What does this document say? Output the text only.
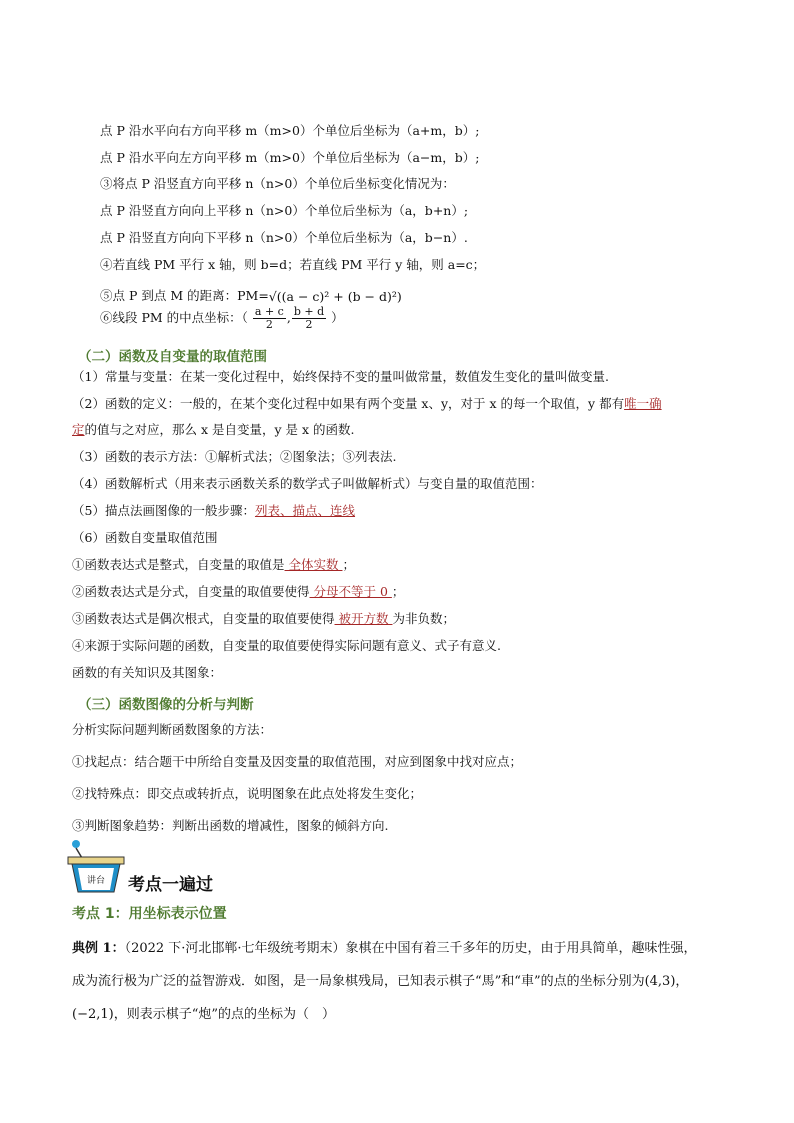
点 P 沿水平向右方向平移 m（m>0）个单位后坐标为（a+m，b）;
点 P 沿水平向左方向平移 m（m>0）个单位后坐标为（a−m，b）;
③将点 P 沿竖直方向平移 n（n>0）个单位后坐标变化情况为：
点 P 沿竖直方向向上平移 n（n>0）个单位后坐标为（a，b+n）;
点 P 沿竖直方向向下平移 n（n>0）个单位后坐标为（a，b−n）.
④若直线 PM 平行 x 轴，则 b=d；若直线 PM 平行 y 轴，则 a=c；
⑤点 P 到点 M 的距离：PM=√((a − c)² + (b − d)²)
⑥线段 PM 的中点坐标：（ $\frac{a + c}{2}$ , $\frac{b + d}{2}$ ）
（二）函数及自变量的取值范围
（1）常量与变量：在某一变化过程中，始终保持不变的量叫做常量，数值发生变化的量叫做变量.
（2）函数的定义：一般的，在某个变化过程中如果有两个变量 x、y，对于 x 的每一个取值，y 都有唯一确
定的值与之对应，那么 x 是自变量，y 是 x 的函数.
（3）函数的表示方法：①解析式法；②图象法；③列表法.
（4）函数解析式（用来表示函数关系的数学式子叫做解析式）与变自量的取值范围：
（5）描点法画图像的一般步骤：列表、描点、连线
（6）函数自变量取值范围
①函数表达式是整式，自变量的取值是 全体实数 ；
②函数表达式是分式，自变量的取值要使得 分母不等于 0 ；
③函数表达式是偶次根式，自变量的取值要使得 被开方数 为非负数；
④来源于实际问题的函数，自变量的取值要使得实际问题有意义、式子有意义.
函数的有关知识及其图象：
（三）函数图像的分析与判断
分析实际问题判断函数图象的方法：
①找起点：结合题干中所给自变量及因变量的取值范围，对应到图象中找对应点；
②找特殊点：即交点或转折点，说明图象在此点处将发生变化；
③判断图象趋势：判断出函数的增减性，图象的倾斜方向.
讲台 考点一遍过
考点 1：用坐标表示位置
典例 1：（2022 下·河北邯郸·七年级统考期末）象棋在中国有着三千多年的历史，由于用具简单，趣味性强，
成为流行极为广泛的益智游戏．如图，是一局象棋残局，已知表示棋子“馬”和“車”的点的坐标分别为(4,3)，
(−2,1)，则表示棋子“炮”的点的坐标为（　）
